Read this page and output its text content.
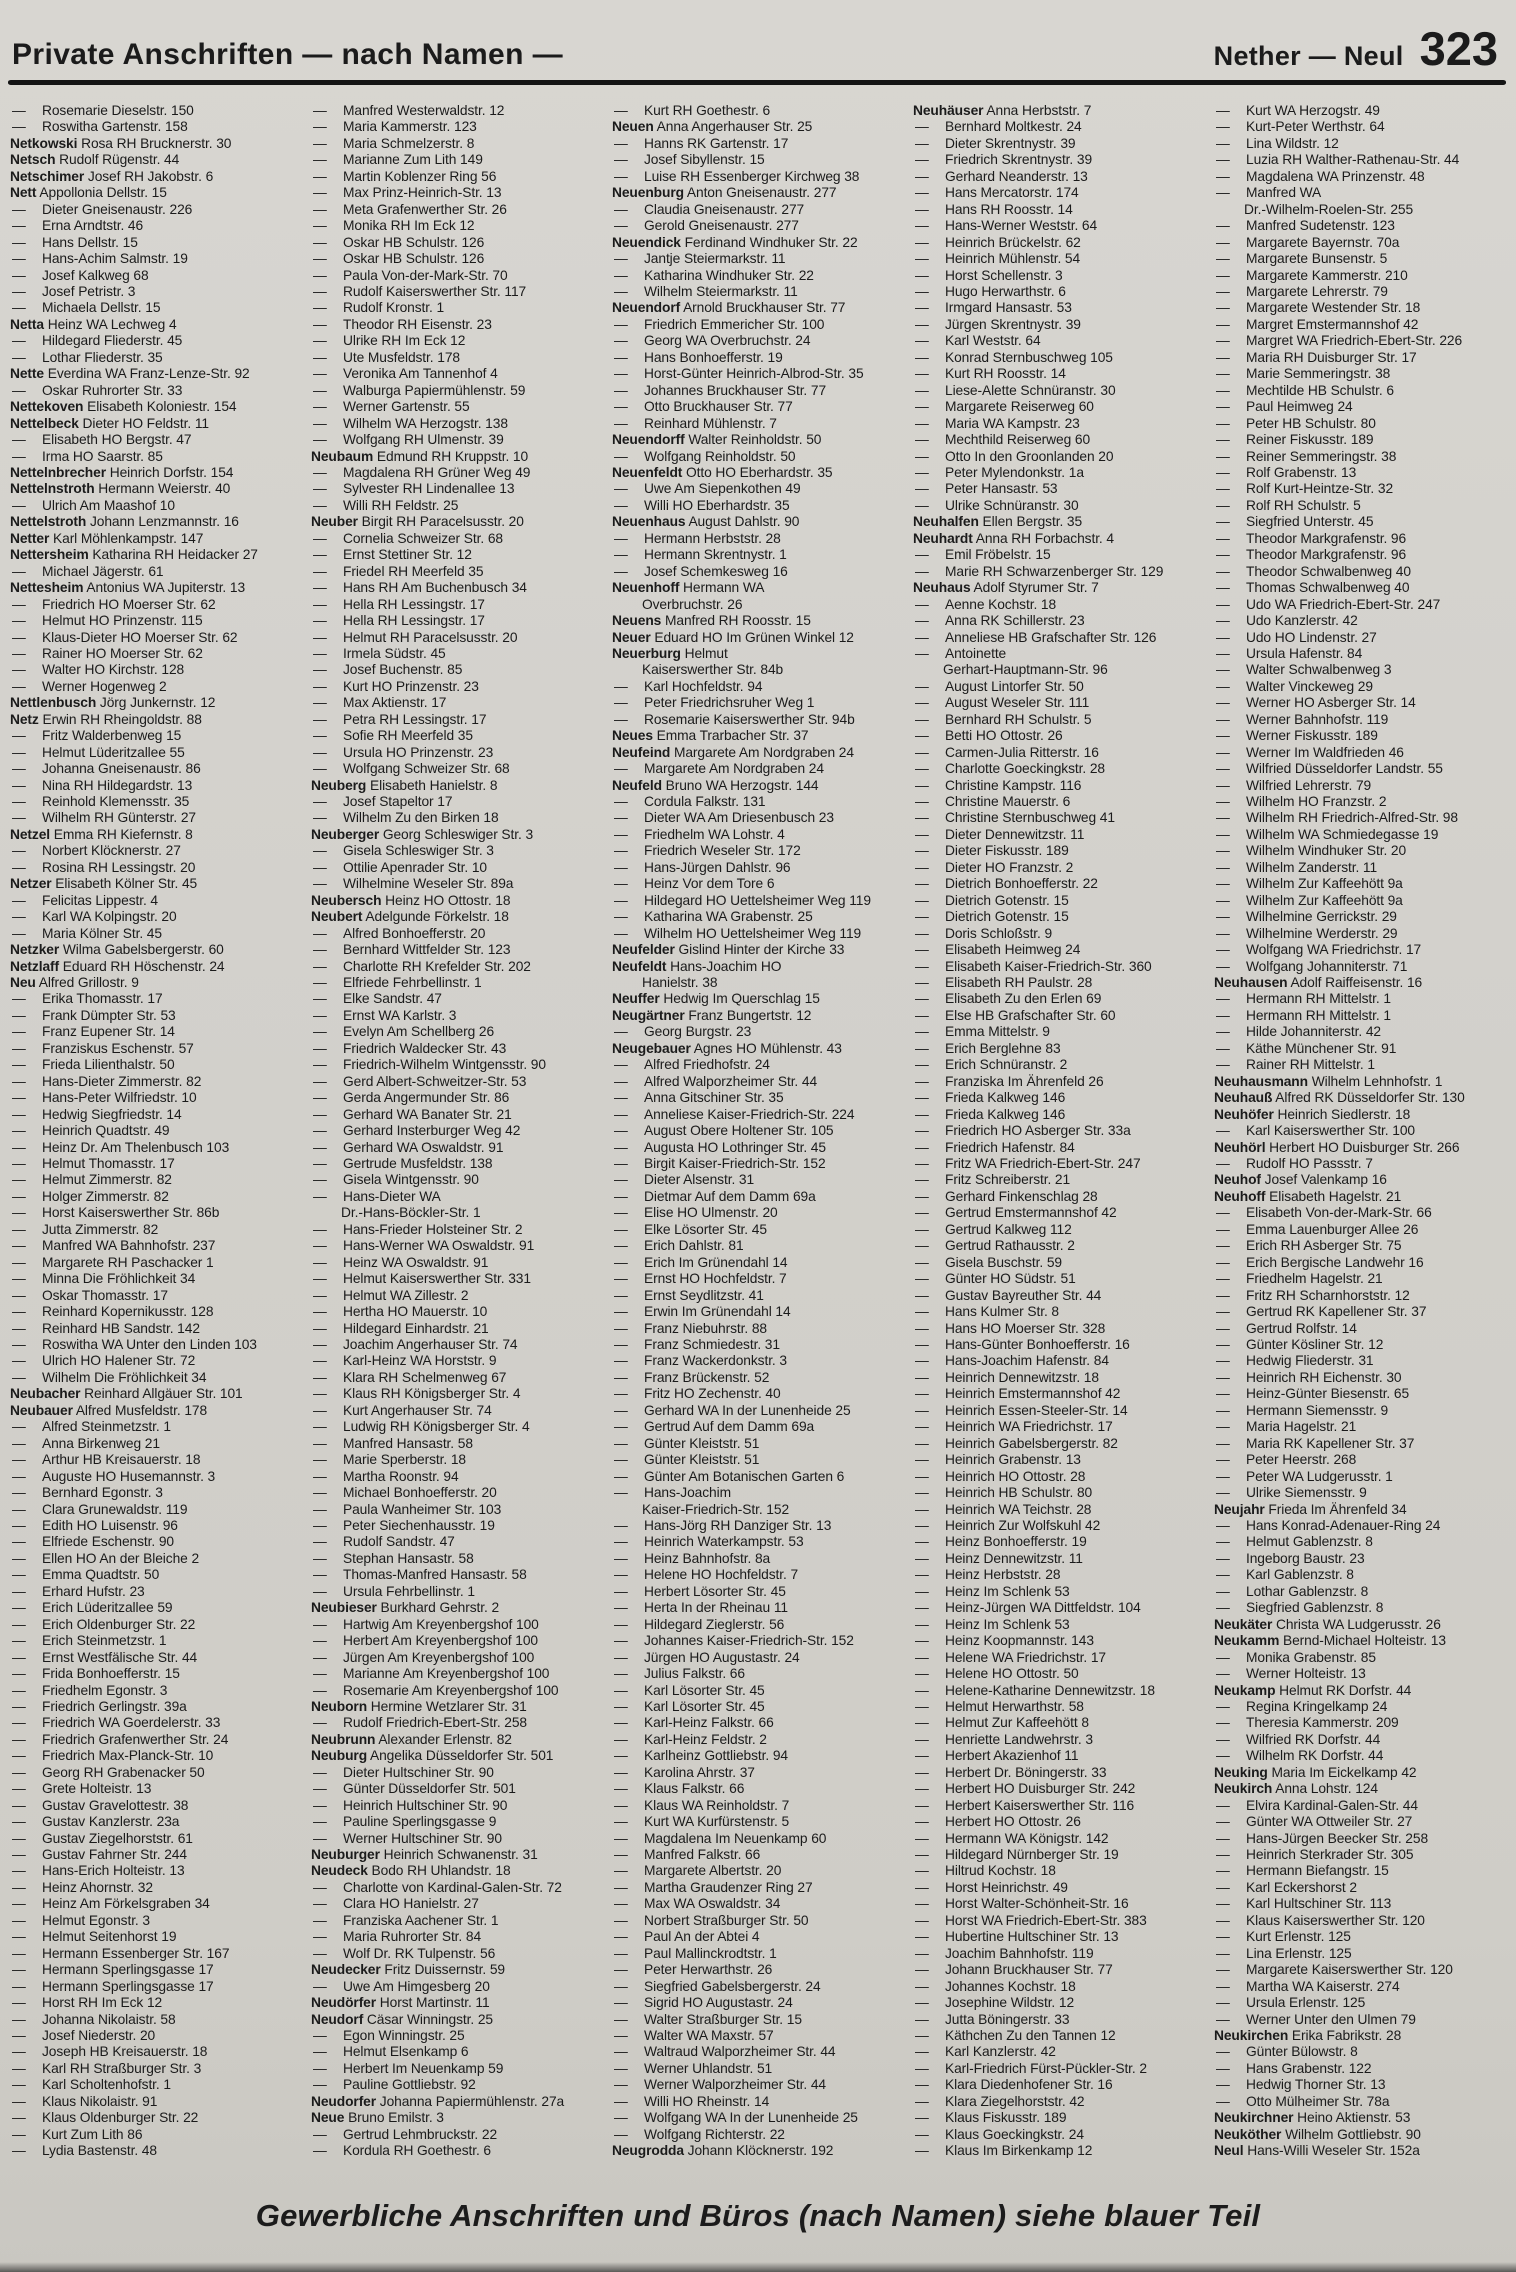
Private Anschriften — nach Namen —	Nether — Neul 323
—	Rosemarie Dieselstr. 150
—	Roswitha Gartenstr. 158
Netkowski Rosa RH Brucknerstr. 30
Netsch Rudolf Rügenstr. 44
Netschimer Josef RH Jakobstr. 6
Nett Appollonia Dellstr. 15
—	Dieter Gneisenaustr. 226
—	Erna Arndtstr. 46
—	Hans Dellstr. 15
—	Hans-Achim Salmstr. 19
—	Josef Kalkweg 68
—	Josef Petristr. 3
—	Michaela Dellstr. 15
Netta Heinz WA Lechweg 4
—	Hildegard Fliederstr. 45
—	Lothar Fliederstr. 35
Nette Everdina WA Franz-Lenze-Str. 92
—	Oskar Ruhrorter Str. 33
Nettekoven Elisabeth Koloniestr. 154
Nettelbeck Dieter HO Feldstr. 11
—	Elisabeth HO Bergstr. 47
—	Irma HO Saarstr. 85
Nettelnbrecher Heinrich Dorfstr. 154
Nettelnstroth Hermann Weierstr. 40
—	Ulrich Am Maashof 10
Nettelstroth Johann Lenzmannstr. 16
Netter Karl Möhlenkampstr. 147
Nettersheim Katharina RH Heidacker 27
—	Michael Jägerstr. 61
Nettesheim Antonius WA Jupiterstr. 13
—	Friedrich HO Moerser Str. 62
—	Helmut HO Prinzenstr. 115
—	Klaus-Dieter HO Moerser Str. 62
—	Rainer HO Moerser Str. 62
—	Walter HO Kirchstr. 128
—	Werner Hogenweg 2
Nettlenbusch Jörg Junkernstr. 12
Netz Erwin RH Rheingoldstr. 88
—	Fritz Walderbenweg 15
—	Helmut Lüderitzallee 55
—	Johanna Gneisenaustr. 86
—	Nina RH Hildegardstr. 13
—	Reinhold Klemensstr. 35
—	Wilhelm RH Günterstr. 27
Netzel Emma RH Kiefernstr. 8
—	Norbert Klöcknerstr. 27
—	Rosina RH Lessingstr. 20
Netzer Elisabeth Kölner Str. 45
—	Felicitas Lippestr. 4
—	Karl WA Kolpingstr. 20
—	Maria Kölner Str. 45
Netzker Wilma Gabelsbergerstr. 60
Netzlaff Eduard RH Höschenstr. 24
Neu Alfred Grillostr. 9
—	Erika Thomasstr. 17
—	Frank Dümpter Str. 53
—	Franz Eupener Str. 14
—	Franziskus Eschenstr. 57
—	Frieda Lilienthalstr. 50
—	Hans-Dieter Zimmerstr. 82
—	Hans-Peter Wilfriedstr. 10
—	Hedwig Siegfriedstr. 14
—	Heinrich Quadtstr. 49
—	Heinz Dr. Am Thelenbusch 103
—	Helmut Thomasstr. 17
—	Helmut Zimmerstr. 82
—	Holger Zimmerstr. 82
—	Horst Kaiserswerther Str. 86b
—	Jutta Zimmerstr. 82
—	Manfred WA Bahnhofstr. 237
—	Margarete RH Paschacker 1
—	Minna Die Fröhlichkeit 34
—	Oskar Thomasstr. 17
—	Reinhard Kopernikusstr. 128
—	Reinhard HB Sandstr. 142
—	Roswitha WA Unter den Linden 103
—	Ulrich HO Halener Str. 72
—	Wilhelm Die Fröhlichkeit 34
Neubacher Reinhard Allgäuer Str. 101
Neubauer Alfred Musfeldstr. 178
—	Alfred Steinmetzstr. 1
—	Anna Birkenweg 21
—	Arthur HB Kreisauerstr. 18
—	Auguste HO Husemannstr. 3
—	Bernhard Egonstr. 3
—	Clara Grunewaldstr. 119
—	Edith HO Luisenstr. 96
—	Elfriede Eschenstr. 90
—	Ellen HO An der Bleiche 2
—	Emma Quadtstr. 50
—	Erhard Hufstr. 23
—	Erich Lüderitzallee 59
—	Erich Oldenburger Str. 22
—	Erich Steinmetzstr. 1
—	Ernst Westfälische Str. 44
—	Frida Bonhoefferstr. 15
—	Friedhelm Egonstr. 3
—	Friedrich Gerlingstr. 39a
—	Friedrich WA Goerdelerstr. 33
—	Friedrich Grafenwerther Str. 24
—	Friedrich Max-Planck-Str. 10
—	Georg RH Grabenacker 50
—	Grete Holteistr. 13
—	Gustav Gravelottestr. 38
—	Gustav Kanzlerstr. 23a
—	Gustav Ziegelhorststr. 61
—	Gustav Fahrner Str. 244
—	Hans-Erich Holteistr. 13
—	Heinz Ahornstr. 32
—	Heinz Am Förkelsgraben 34
—	Helmut Egonstr. 3
—	Helmut Seitenhorst 19
—	Hermann Essenberger Str. 167
—	Hermann Sperlingsgasse 17
—	Hermann Sperlingsgasse 17
—	Horst RH Im Eck 12
—	Johanna Nikolaistr. 58
—	Josef Niederstr. 20
—	Joseph HB Kreisauerstr. 18
—	Karl RH Straßburger Str. 3
—	Karl Scholtenhofstr. 1
—	Klaus Nikolaistr. 91
—	Klaus Oldenburger Str. 22
—	Kurt Zum Lith 86
—	Lydia Bastenstr. 48
—	Manfred Westerwaldstr. 12
—	Maria Kammerstr. 123
—	Maria Schmelzerstr. 8
—	Marianne Zum Lith 149
—	Martin Koblenzer Ring 56
—	Max Prinz-Heinrich-Str. 13
—	Meta Grafenwerther Str. 26
—	Monika RH Im Eck 12
—	Oskar HB Schulstr. 126
—	Oskar HB Schulstr. 126
—	Paula Von-der-Mark-Str. 70
—	Rudolf Kaiserswerther Str. 117
—	Rudolf Kronstr. 1
—	Theodor RH Eisenstr. 23
—	Ulrike RH Im Eck 12
—	Ute Musfeldstr. 178
—	Veronika Am Tannenhof 4
—	Walburga Papiermühlenstr. 59
—	Werner Gartenstr. 55
—	Wilhelm WA Herzogstr. 138
—	Wolfgang RH Ulmenstr. 39
Neubaum Edmund RH Kruppstr. 10
—	Magdalena RH Grüner Weg 49
—	Sylvester RH Lindenallee 13
—	Willi RH Feldstr. 25
Neuber Birgit RH Paracelsusstr. 20
—	Cornelia Schweizer Str. 68
—	Ernst Stettiner Str. 12
—	Friedel RH Meerfeld 35
—	Hans RH Am Buchenbusch 34
—	Hella RH Lessingstr. 17
—	Hella RH Lessingstr. 17
—	Helmut RH Paracelsusstr. 20
—	Irmela Südstr. 45
—	Josef Buchenstr. 85
—	Kurt HO Prinzenstr. 23
—	Max Aktienstr. 17
—	Petra RH Lessingstr. 17
—	Sofie RH Meerfeld 35
—	Ursula HO Prinzenstr. 23
—	Wolfgang Schweizer Str. 68
Neuberg Elisabeth Hanielstr. 8
—	Josef Stapeltor 17
—	Wilhelm Zu den Birken 18
Neuberger Georg Schleswiger Str. 3
—	Gisela Schleswiger Str. 3
—	Ottilie Apenrader Str. 10
—	Wilhelmine Weseler Str. 89a
Neubersch Heinz HO Ottostr. 18
Neubert Adelgunde Förkelstr. 18
—	Alfred Bonhoefferstr. 20
—	Bernhard Wittfelder Str. 123
—	Charlotte RH Krefelder Str. 202
—	Elfriede Fehrbellinstr. 1
—	Elke Sandstr. 47
—	Ernst WA Karlstr. 3
—	Evelyn Am Schellberg 26
—	Friedrich Waldecker Str. 43
—	Friedrich-Wilhelm Wintgensstr. 90
—	Gerd Albert-Schweitzer-Str. 53
—	Gerda Angermunder Str. 86
—	Gerhard WA Banater Str. 21
—	Gerhard Insterburger Weg 42
—	Gerhard WA Oswaldstr. 91
—	Gertrude Musfeldstr. 138
—	Gisela Wintgensstr. 90
—	Hans-Dieter WA
Dr.-Hans-Böckler-Str. 1
—	Hans-Frieder Holsteiner Str. 2
—	Hans-Werner WA Oswaldstr. 91
—	Heinz WA Oswaldstr. 91
—	Helmut Kaiserswerther Str. 331
—	Helmut WA Zillestr. 2
—	Hertha HO Mauerstr. 10
—	Hildegard Einhardstr. 21
—	Joachim Angerhauser Str. 74
—	Karl-Heinz WA Horststr. 9
—	Klara RH Schelmenweg 67
—	Klaus RH Königsberger Str. 4
—	Kurt Angerhauser Str. 74
—	Ludwig RH Königsberger Str. 4
—	Manfred Hansastr. 58
—	Marie Sperberstr. 18
—	Martha Roonstr. 94
—	Michael Bonhoefferstr. 20
—	Paula Wanheimer Str. 103
—	Peter Siechenhausstr. 19
—	Rudolf Sandstr. 47
—	Stephan Hansastr. 58
—	Thomas-Manfred Hansastr. 58
—	Ursula Fehrbellinstr. 1
Neubieser Burkhard Gehrstr. 2
—	Hartwig Am Kreyenbergshof 100
—	Herbert Am Kreyenbergshof 100
—	Jürgen Am Kreyenbergshof 100
—	Marianne Am Kreyenbergshof 100
—	Rosemarie Am Kreyenbergshof 100
Neuborn Hermine Wetzlarer Str. 31
—	Rudolf Friedrich-Ebert-Str. 258
Neubrunn Alexander Erlenstr. 82
Neuburg Angelika Düsseldorfer Str. 501
—	Dieter Hultschiner Str. 90
—	Günter Düsseldorfer Str. 501
—	Heinrich Hultschiner Str. 90
—	Pauline Sperlingsgasse 9
—	Werner Hultschiner Str. 90
Neuburger Heinrich Schwanenstr. 31
Neudeck Bodo RH Uhlandstr. 18
—	Charlotte von Kardinal-Galen-Str. 72
—	Clara HO Hanielstr. 27
—	Franziska Aachener Str. 1
—	Maria Ruhrorter Str. 84
—	Wolf Dr. RK Tulpenstr. 56
Neudecker Fritz Duissernstr. 59
—	Uwe Am Himgesberg 20
Neudörfer Horst Martinstr. 11
Neudorf Cäsar Winningstr. 25
—	Egon Winningstr. 25
—	Helmut Elsenkamp 6
—	Herbert Im Neuenkamp 59
—	Pauline Gottliebstr. 92
Neudorfer Johanna Papiermühlenstr. 27a
Neue Bruno Emilstr. 3
—	Gertrud Lehmbruckstr. 22
—	Kordula RH Goethestr. 6
—	Kurt RH Goethestr. 6
Neuen Anna Angerhauser Str. 25
—	Hanns RK Gartenstr. 17
—	Josef Sibyllenstr. 15
—	Luise RH Essenberger Kirchweg 38
Neuenburg Anton Gneisenaustr. 277
—	Claudia Gneisenaustr. 277
—	Gerold Gneisenaustr. 277
Neuendick Ferdinand Windhuker Str. 22
—	Jantje Steiermarkstr. 11
—	Katharina Windhuker Str. 22
—	Wilhelm Steiermarkstr. 11
Neuendorf Arnold Bruckhauser Str. 77
—	Friedrich Emmericher Str. 100
—	Georg WA Overbruchstr. 24
—	Hans Bonhoefferstr. 19
—	Horst-Günter Heinrich-Albrod-Str. 35
—	Johannes Bruckhauser Str. 77
—	Otto Bruckhauser Str. 77
—	Reinhard Mühlenstr. 7
Neuendorff Walter Reinholdstr. 50
—	Wolfgang Reinholdstr. 50
Neuenfeldt Otto HO Eberhardstr. 35
—	Uwe Am Siepenkothen 49
—	Willi HO Eberhardstr. 35
Neuenhaus August Dahlstr. 90
—	Hermann Herbststr. 28
—	Hermann Skrentnystr. 1
—	Josef Schemkesweg 16
Neuenhoff Hermann WA
Overbruchstr. 26
Neuens Manfred RH Roosstr. 15
Neuer Eduard HO Im Grünen Winkel 12
Neuerburg Helmut
Kaiserswerther Str. 84b
—	Karl Hochfeldstr. 94
—	Peter Friedrichsruher Weg 1
—	Rosemarie Kaiserswerther Str. 94b
Neues Emma Trarbacher Str. 37
Neufeind Margarete Am Nordgraben 24
—	Margarete Am Nordgraben 24
Neufeld Bruno WA Herzogstr. 144
—	Cordula Falkstr. 131
—	Dieter WA Am Driesenbusch 23
—	Friedhelm WA Lohstr. 4
—	Friedrich Weseler Str. 172
—	Hans-Jürgen Dahlstr. 96
—	Heinz Vor dem Tore 6
—	Hildegard HO Uettelsheimer Weg 119
—	Katharina WA Grabenstr. 25
—	Wilhelm HO Uettelsheimer Weg 119
Neufelder Gislind Hinter der Kirche 33
Neufeldt Hans-Joachim HO
Hanielstr. 38
Neuffer Hedwig Im Querschlag 15
Neugärtner Franz Bungertstr. 12
—	Georg Burgstr. 23
Neugebauer Agnes HO Mühlenstr. 43
—	Alfred Friedhofstr. 24
—	Alfred Walporzheimer Str. 44
—	Anna Gitschiner Str. 35
—	Anneliese Kaiser-Friedrich-Str. 224
—	August Obere Holtener Str. 105
—	Augusta HO Lothringer Str. 45
—	Birgit Kaiser-Friedrich-Str. 152
—	Dieter Alsenstr. 31
—	Dietmar Auf dem Damm 69a
—	Elise HO Ulmenstr. 20
—	Elke Lösorter Str. 45
—	Erich Dahlstr. 81
—	Erich Im Grünendahl 14
—	Ernst HO Hochfeldstr. 7
—	Ernst Seydlitzstr. 41
—	Erwin Im Grünendahl 14
—	Franz Niebuhrstr. 88
—	Franz Schmiedestr. 31
—	Franz Wackerdonkstr. 3
—	Franz Brückenstr. 52
—	Fritz HO Zechenstr. 40
—	Gerhard WA In der Lunenheide 25
—	Gertrud Auf dem Damm 69a
—	Günter Kleiststr. 51
—	Günter Kleiststr. 51
—	Günter Am Botanischen Garten 6
—	Hans-Joachim
Kaiser-Friedrich-Str. 152
—	Hans-Jörg RH Danziger Str. 13
—	Heinrich Waterkampstr. 53
—	Heinz Bahnhofstr. 8a
—	Helene HO Hochfeldstr. 7
—	Herbert Lösorter Str. 45
—	Herta In der Rheinau 11
—	Hildegard Zieglerstr. 56
—	Johannes Kaiser-Friedrich-Str. 152
—	Jürgen HO Augustastr. 24
—	Julius Falkstr. 66
—	Karl Lösorter Str. 45
—	Karl Lösorter Str. 45
—	Karl-Heinz Falkstr. 66
—	Karl-Heinz Feldstr. 2
—	Karlheinz Gottliebstr. 94
—	Karolina Ahrstr. 37
—	Klaus Falkstr. 66
—	Klaus WA Reinholdstr. 7
—	Kurt WA Kurfürstenstr. 5
—	Magdalena Im Neuenkamp 60
—	Manfred Falkstr. 66
—	Margarete Albertstr. 20
—	Martha Graudenzer Ring 27
—	Max WA Oswaldstr. 34
—	Norbert Straßburger Str. 50
—	Paul An der Abtei 4
—	Paul Mallinckrodtstr. 1
—	Peter Herwarthstr. 26
—	Siegfried Gabelsbergerstr. 24
—	Sigrid HO Augustastr. 24
—	Walter Straßburger Str. 15
—	Walter WA Maxstr. 57
—	Waltraud Walporzheimer Str. 44
—	Werner Uhlandstr. 51
—	Werner Walporzheimer Str. 44
—	Willi HO Rheinstr. 14
—	Wolfgang WA In der Lunenheide 25
—	Wolfgang Richterstr. 22
Neugrodda Johann Klöcknerstr. 192
Neuhäuser Anna Herbststr. 7
—	Bernhard Moltkestr. 24
—	Dieter Skrentnystr. 39
—	Friedrich Skrentnystr. 39
—	Gerhard Neanderstr. 13
—	Hans Mercatorstr. 174
—	Hans RH Roosstr. 14
—	Hans-Werner Weststr. 64
—	Heinrich Brückelstr. 62
—	Heinrich Mühlenstr. 54
—	Horst Schellenstr. 3
—	Hugo Herwarthstr. 6
—	Irmgard Hansastr. 53
—	Jürgen Skrentnystr. 39
—	Karl Weststr. 64
—	Konrad Sternbuschweg 105
—	Kurt RH Roosstr. 14
—	Liese-Alette Schnüranstr. 30
—	Margarete Reiserweg 60
—	Maria WA Kampstr. 23
—	Mechthild Reiserweg 60
—	Otto In den Groonlanden 20
—	Peter Mylendonkstr. 1a
—	Peter Hansastr. 53
—	Ulrike Schnüranstr. 30
Neuhalfen Ellen Bergstr. 35
Neuhardt Anna RH Forbachstr. 4
—	Emil Fröbelstr. 15
—	Marie RH Schwarzenberger Str. 129
Neuhaus Adolf Styrumer Str. 7
—	Aenne Kochstr. 18
—	Anna RK Schillerstr. 23
—	Anneliese HB Grafschafter Str. 126
—	Antoinette
Gerhart-Hauptmann-Str. 96
—	August Lintorfer Str. 50
—	August Weseler Str. 111
—	Bernhard RH Schulstr. 5
—	Betti HO Ottostr. 26
—	Carmen-Julia Ritterstr. 16
—	Charlotte Goeckingkstr. 28
—	Christine Kampstr. 116
—	Christine Mauerstr. 6
—	Christine Sternbuschweg 41
—	Dieter Dennewitzstr. 11
—	Dieter Fiskusstr. 189
—	Dieter HO Franzstr. 2
—	Dietrich Bonhoefferstr. 22
—	Dietrich Gotenstr. 15
—	Dietrich Gotenstr. 15
—	Doris Schloßstr. 9
—	Elisabeth Heimweg 24
—	Elisabeth Kaiser-Friedrich-Str. 360
—	Elisabeth RH Paulstr. 28
—	Elisabeth Zu den Erlen 69
—	Else HB Grafschafter Str. 60
—	Emma Mittelstr. 9
—	Erich Berglehne 83
—	Erich Schnüranstr. 2
—	Franziska Im Ährenfeld 26
—	Frieda Kalkweg 146
—	Frieda Kalkweg 146
—	Friedrich HO Asberger Str. 33a
—	Friedrich Hafenstr. 84
—	Fritz WA Friedrich-Ebert-Str. 247
—	Fritz Schreiberstr. 21
—	Gerhard Finkenschlag 28
—	Gertrud Emstermannshof 42
—	Gertrud Kalkweg 112
—	Gertrud Rathausstr. 2
—	Gisela Buschstr. 59
—	Günter HO Südstr. 51
—	Gustav Bayreuther Str. 44
—	Hans Kulmer Str. 8
—	Hans HO Moerser Str. 328
—	Hans-Günter Bonhoefferstr. 16
—	Hans-Joachim Hafenstr. 84
—	Heinrich Dennewitzstr. 18
—	Heinrich Emstermannshof 42
—	Heinrich Essen-Steeler-Str. 14
—	Heinrich WA Friedrichstr. 17
—	Heinrich Gabelsbergerstr. 82
—	Heinrich Grabenstr. 13
—	Heinrich HO Ottostr. 28
—	Heinrich HB Schulstr. 80
—	Heinrich WA Teichstr. 28
—	Heinrich Zur Wolfskuhl 42
—	Heinz Bonhoefferstr. 19
—	Heinz Dennewitzstr. 11
—	Heinz Herbststr. 28
—	Heinz Im Schlenk 53
—	Heinz-Jürgen WA Dittfeldstr. 104
—	Heinz Im Schlenk 53
—	Heinz Koopmannstr. 143
—	Helene WA Friedrichstr. 17
—	Helene HO Ottostr. 50
—	Helene-Katharine Dennewitzstr. 18
—	Helmut Herwarthstr. 58
—	Helmut Zur Kaffeehött 8
—	Henriette Landwehrstr. 3
—	Herbert Akazienhof 11
—	Herbert Dr. Böningerstr. 33
—	Herbert HO Duisburger Str. 242
—	Herbert Kaiserswerther Str. 116
—	Herbert HO Ottostr. 26
—	Hermann WA Königstr. 142
—	Hildegard Nürnberger Str. 19
—	Hiltrud Kochstr. 18
—	Horst Heinrichstr. 49
—	Horst Walter-Schönheit-Str. 16
—	Horst WA Friedrich-Ebert-Str. 383
—	Hubertine Hultschiner Str. 13
—	Joachim Bahnhofstr. 119
—	Johann Bruckhauser Str. 77
—	Johannes Kochstr. 18
—	Josephine Wildstr. 12
—	Jutta Böningerstr. 33
—	Käthchen Zu den Tannen 12
—	Karl Kanzlerstr. 42
—	Karl-Friedrich Fürst-Pückler-Str. 2
—	Klara Diedenhofener Str. 16
—	Klara Ziegelhorststr. 42
—	Klaus Fiskusstr. 189
—	Klaus Goeckingkstr. 24
—	Klaus Im Birkenkamp 12
—	Kurt WA Herzogstr. 49
—	Kurt-Peter Werthstr. 64
—	Lina Wildstr. 12
—	Luzia RH Walther-Rathenau-Str. 44
—	Magdalena WA Prinzenstr. 48
—	Manfred WA
Dr.-Wilhelm-Roelen-Str. 255
—	Manfred Sudetenstr. 123
—	Margarete Bayernstr. 70a
—	Margarete Bunsenstr. 5
—	Margarete Kammerstr. 210
—	Margarete Lehrerstr. 79
—	Margarete Westender Str. 18
—	Margret Emstermannshof 42
—	Margret WA Friedrich-Ebert-Str. 226
—	Maria RH Duisburger Str. 17
—	Marie Semmeringstr. 38
—	Mechtilde HB Schulstr. 6
—	Paul Heimweg 24
—	Peter HB Schulstr. 80
—	Reiner Fiskusstr. 189
—	Reiner Semmeringstr. 38
—	Rolf Grabenstr. 13
—	Rolf Kurt-Heintze-Str. 32
—	Rolf RH Schulstr. 5
—	Siegfried Unterstr. 45
—	Theodor Markgrafenstr. 96
—	Theodor Markgrafenstr. 96
—	Theodor Schwalbenweg 40
—	Thomas Schwalbenweg 40
—	Udo WA Friedrich-Ebert-Str. 247
—	Udo Kanzlerstr. 42
—	Udo HO Lindenstr. 27
—	Ursula Hafenstr. 84
—	Walter Schwalbenweg 3
—	Walter Vinckeweg 29
—	Werner HO Asberger Str. 14
—	Werner Bahnhofstr. 119
—	Werner Fiskusstr. 189
—	Werner Im Waldfrieden 46
—	Wilfried Düsseldorfer Landstr. 55
—	Wilfried Lehrerstr. 79
—	Wilhelm HO Franzstr. 2
—	Wilhelm RH Friedrich-Alfred-Str. 98
—	Wilhelm WA Schmiedegasse 19
—	Wilhelm Windhuker Str. 20
—	Wilhelm Zanderstr. 11
—	Wilhelm Zur Kaffeehött 9a
—	Wilhelm Zur Kaffeehött 9a
—	Wilhelmine Gerrickstr. 29
—	Wilhelmine Werderstr. 29
—	Wolfgang WA Friedrichstr. 17
—	Wolfgang Johanniterstr. 71
Neuhausen Adolf Raiffeisenstr. 16
—	Hermann RH Mittelstr. 1
—	Hermann RH Mittelstr. 1
—	Hilde Johanniterstr. 42
—	Käthe Münchener Str. 91
—	Rainer RH Mittelstr. 1
Neuhausmann Wilhelm Lehnhofstr. 1
Neuhauß Alfred RK Düsseldorfer Str. 130
Neuhöfer Heinrich Siedlerstr. 18
—	Karl Kaiserswerther Str. 100
Neuhörl Herbert HO Duisburger Str. 266
—	Rudolf HO Passstr. 7
Neuhof Josef Valenkamp 16
Neuhoff Elisabeth Hagelstr. 21
—	Elisabeth Von-der-Mark-Str. 66
—	Emma Lauenburger Allee 26
—	Erich RH Asberger Str. 75
—	Erich Bergische Landwehr 16
—	Friedhelm Hagelstr. 21
—	Fritz RH Scharnhorststr. 12
—	Gertrud RK Kapellener Str. 37
—	Gertrud Rolfstr. 14
—	Günter Kösliner Str. 12
—	Hedwig Fliederstr. 31
—	Heinrich RH Eichenstr. 30
—	Heinz-Günter Biesenstr. 65
—	Hermann Siemensstr. 9
—	Maria Hagelstr. 21
—	Maria RK Kapellener Str. 37
—	Peter Heerstr. 268
—	Peter WA Ludgerusstr. 1
—	Ulrike Siemensstr. 9
Neujahr Frieda Im Ährenfeld 34
—	Hans Konrad-Adenauer-Ring 24
—	Helmut Gablenzstr. 8
—	Ingeborg Baustr. 23
—	Karl Gablenzstr. 8
—	Lothar Gablenzstr. 8
—	Siegfried Gablenzstr. 8
Neukäter Christa WA Ludgerusstr. 26
Neukamm Bernd-Michael Holteistr. 13
—	Monika Grabenstr. 85
—	Werner Holteistr. 13
Neukamp Helmut RK Dorfstr. 44
—	Regina Kringelkamp 24
—	Theresia Kammerstr. 209
—	Wilfried RK Dorfstr. 44
—	Wilhelm RK Dorfstr. 44
Neuking Maria Im Eickelkamp 42
Neukirch Anna Lohstr. 124
—	Elvira Kardinal-Galen-Str. 44
—	Günter WA Ottweiler Str. 27
—	Hans-Jürgen Beecker Str. 258
—	Heinrich Sterkrader Str. 305
—	Hermann Biefangstr. 15
—	Karl Eckershorst 2
—	Karl Hultschiner Str. 113
—	Klaus Kaiserswerther Str. 120
—	Kurt Erlenstr. 125
—	Lina Erlenstr. 125
—	Margarete Kaiserswerther Str. 120
—	Martha WA Kaiserstr. 274
—	Ursula Erlenstr. 125
—	Werner Unter den Ulmen 79
Neukirchen Erika Fabrikstr. 28
—	Günter Bülowstr. 8
—	Hans Grabenstr. 122
—	Hedwig Thorner Str. 13
—	Otto Mülheimer Str. 78a
Neukirchner Heino Aktienstr. 53
Neuköther Wilhelm Gottliebstr. 90
Neul Hans-Willi Weseler Str. 152a
Gewerbliche Anschriften und Büros (nach Namen) siehe blauer Teil
